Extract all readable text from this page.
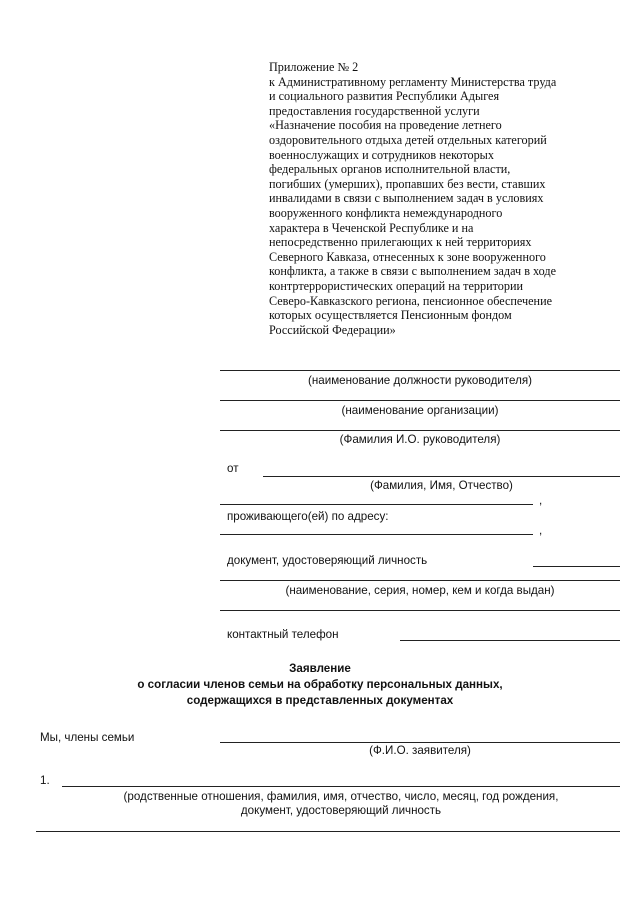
Приложение № 2
к Административному регламенту Министерства труда
и социального развития Республики Адыгея
предоставления государственной услуги
«Назначение пособия на проведение летнего
оздоровительного отдыха детей отдельных категорий
военнослужащих и сотрудников некоторых
федеральных органов исполнительной власти,
погибших (умерших), пропавших без вести, ставших
инвалидами в связи с выполнением задач в условиях
вооруженного конфликта немеждународного
характера в Чеченской Республике и на
непосредственно прилегающих к ней территориях
Северного Кавказа, отнесенных к зоне вооруженного
конфликта, а также в связи с выполнением задач в ходе
контртеррористических операций на территории
Северо-Кавказского региона, пенсионное обеспечение
которых осуществляется Пенсионным фондом
Российской Федерации»
(наименование должности руководителя)
(наименование организации)
(Фамилия И.О. руководителя)
от
(Фамилия, Имя, Отчество)
,
проживающего(ей) по адресу:
,
документ, удостоверяющий личность
(наименование, серия, номер, кем и когда выдан)
контактный телефон
Заявление
о согласии членов семьи на обработку персональных данных,
содержащихся в представленных документах
Мы, члены семьи
(Ф.И.О. заявителя)
1.
(родственные отношения, фамилия, имя, отчество, число, месяц, год рождения,
документ, удостоверяющий личность
